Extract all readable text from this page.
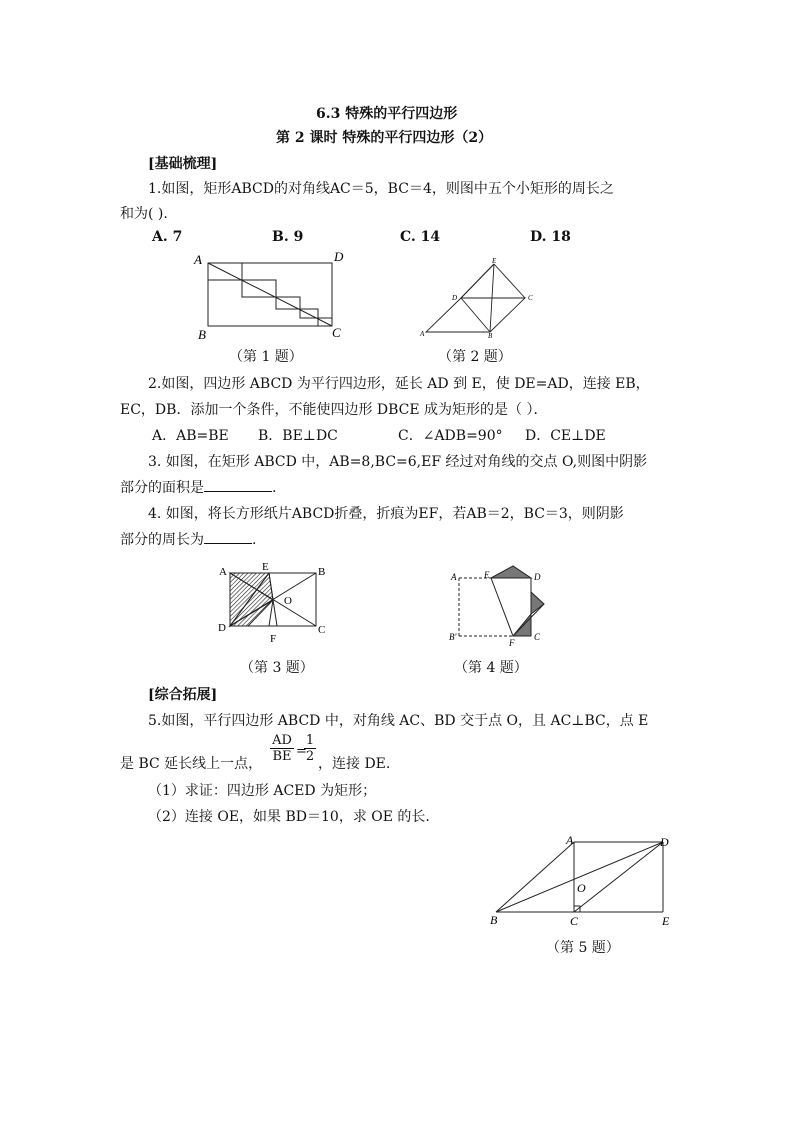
6.3 特殊的平行四边形
第 2 课时 特殊的平行四边形（2）
[基础梳理]
1.如图，矩形ABCD的对角线AC＝5，BC＝4，则图中五个小矩形的周长之
和为( ).
A. 7	B. 9	C. 14	D. 18
A	D
B	C
（第 1 题）
E
D	C
A	B
（第 2 题）
2.如图，四边形 ABCD 为平行四边形，延长 AD 到 E，使 DE=AD，连接 EB，
EC，DB．添加一个条件，不能使四边形 DBCE 成为矩形的是（ ）．
A．AB=BE B．BE⊥DC	C．∠ADB=90° D．CE⊥DE
3. 如图，在矩形 ABCD 中，AB=8,BC=6,EF 经过对角线的交点 O,则图中阴影
部分的面积是	.
4. 如图，将长方形纸片ABCD折叠，折痕为EF，若AB＝2，BC＝3，则阴影
部分的周长为	.
A	E	B
O
D
F
C
（第 3 题）
A	E	D
B'
F
C
（第 4 题）
[综合拓展]
5.如图，平行四边形 ABCD 中，对角线 AC、BD 交于点 O，且 AC⊥BC，点 E
是 BC 延长线上一点， $\frac{AD}{BE}$ =
$\frac{1}{2}$ ，连接 DE.
（1）求证：四边形 ACED 为矩形；
（2）连接 OE，如果 BD＝10，求 OE 的长.
A	D
O
B	C	E
（第 5 题）
